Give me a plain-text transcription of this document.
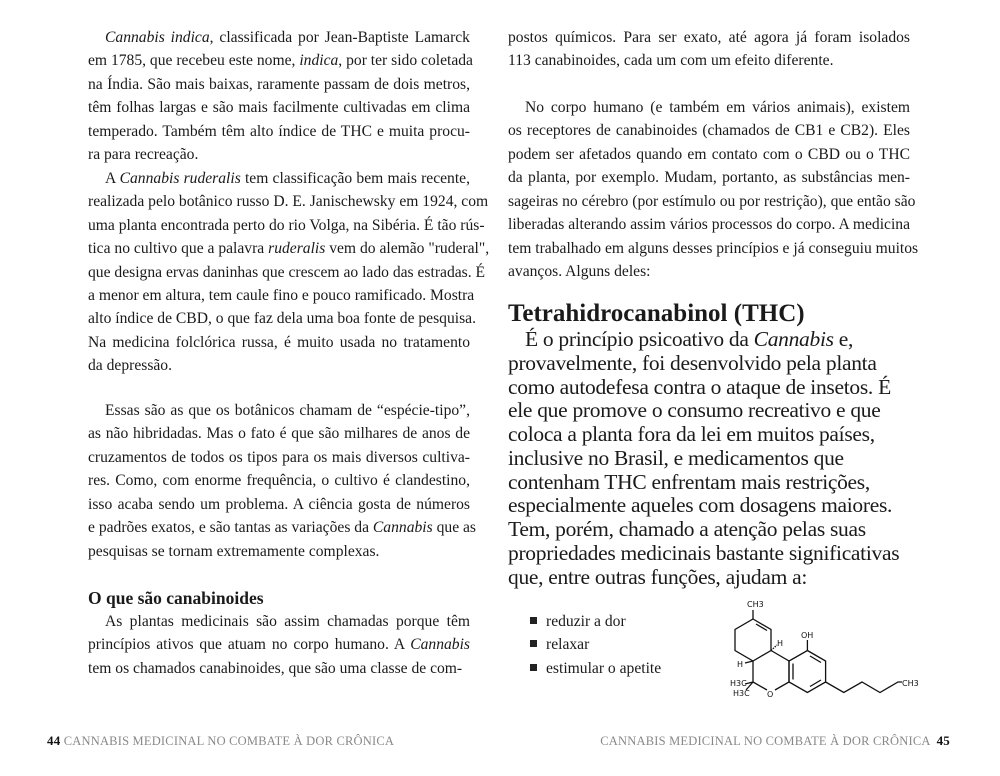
Cannabis indica, classificada por Jean-Baptiste Lamarck
em 1785, que recebeu este nome, indica, por ter sido coletada
na Índia. São mais baixas, raramente passam de dois metros,
têm folhas largas e são mais facilmente cultivadas em clima
temperado. Também têm alto índice de THC e muita procu-
ra para recreação.
A Cannabis ruderalis tem classificação bem mais recente,
realizada pelo botânico russo D. E. Janischewsky em 1924, com
uma planta encontrada perto do rio Volga, na Sibéria. É tão rús-
tica no cultivo que a palavra ruderalis vem do alemão "ruderal",
que designa ervas daninhas que crescem ao lado das estradas. É
a menor em altura, tem caule fino e pouco ramificado. Mostra
alto índice de CBD, o que faz dela uma boa fonte de pesquisa.
Na medicina folclórica russa, é muito usada no tratamento
da depressão.
Essas são as que os botânicos chamam de “espécie-tipo”,
as não hibridadas. Mas o fato é que são milhares de anos de
cruzamentos de todos os tipos para os mais diversos cultiva-
res. Como, com enorme frequência, o cultivo é clandestino,
isso acaba sendo um problema. A ciência gosta de números
e padrões exatos, e são tantas as variações da Cannabis que as
pesquisas se tornam extremamente complexas.
As plantas medicinais são assim chamadas porque têm
princípios ativos que atuam no corpo humano. A Cannabis
tem os chamados canabinoides, que são uma classe de com-
postos químicos. Para ser exato, até agora já foram isolados
113 canabinoides, cada um com um efeito diferente.
No corpo humano (e também em vários animais), existem
os receptores de canabinoides (chamados de CB1 e CB2). Eles
podem ser afetados quando em contato com o CBD ou o THC
da planta, por exemplo. Mudam, portanto, as substâncias men-
sageiras no cérebro (por estímulo ou por restrição), que então são
liberadas alterando assim vários processos do corpo. A medicina
tem trabalhado em alguns desses princípios e já conseguiu muitos
avanços. Alguns deles:
O que são canabinoides
Tetrahidrocanabinol (THC)
É o princípio psicoativo da Cannabis e,
provavelmente, foi desenvolvido pela planta
como autodefesa contra o ataque de insetos. É
ele que promove o consumo recreativo e que
coloca a planta fora da lei em muitos países,
inclusive no Brasil, e medicamentos que
contenham THC enfrentam mais restrições,
especialmente aqueles com dosagens maiores.
Tem, porém, chamado a atenção pelas suas
propriedades medicinais bastante significativas
que, entre outras funções, ajudam a:
reduzir a dor
relaxar
estimular o apetite
CH3
OH
H
H
H3C
H3C O
CH3
44 CANNABIS MEDICINAL NO COMBATE À DOR CRÔNICA	CANNABIS MEDICINAL NO COMBATE À DOR CRÔNICA 45
